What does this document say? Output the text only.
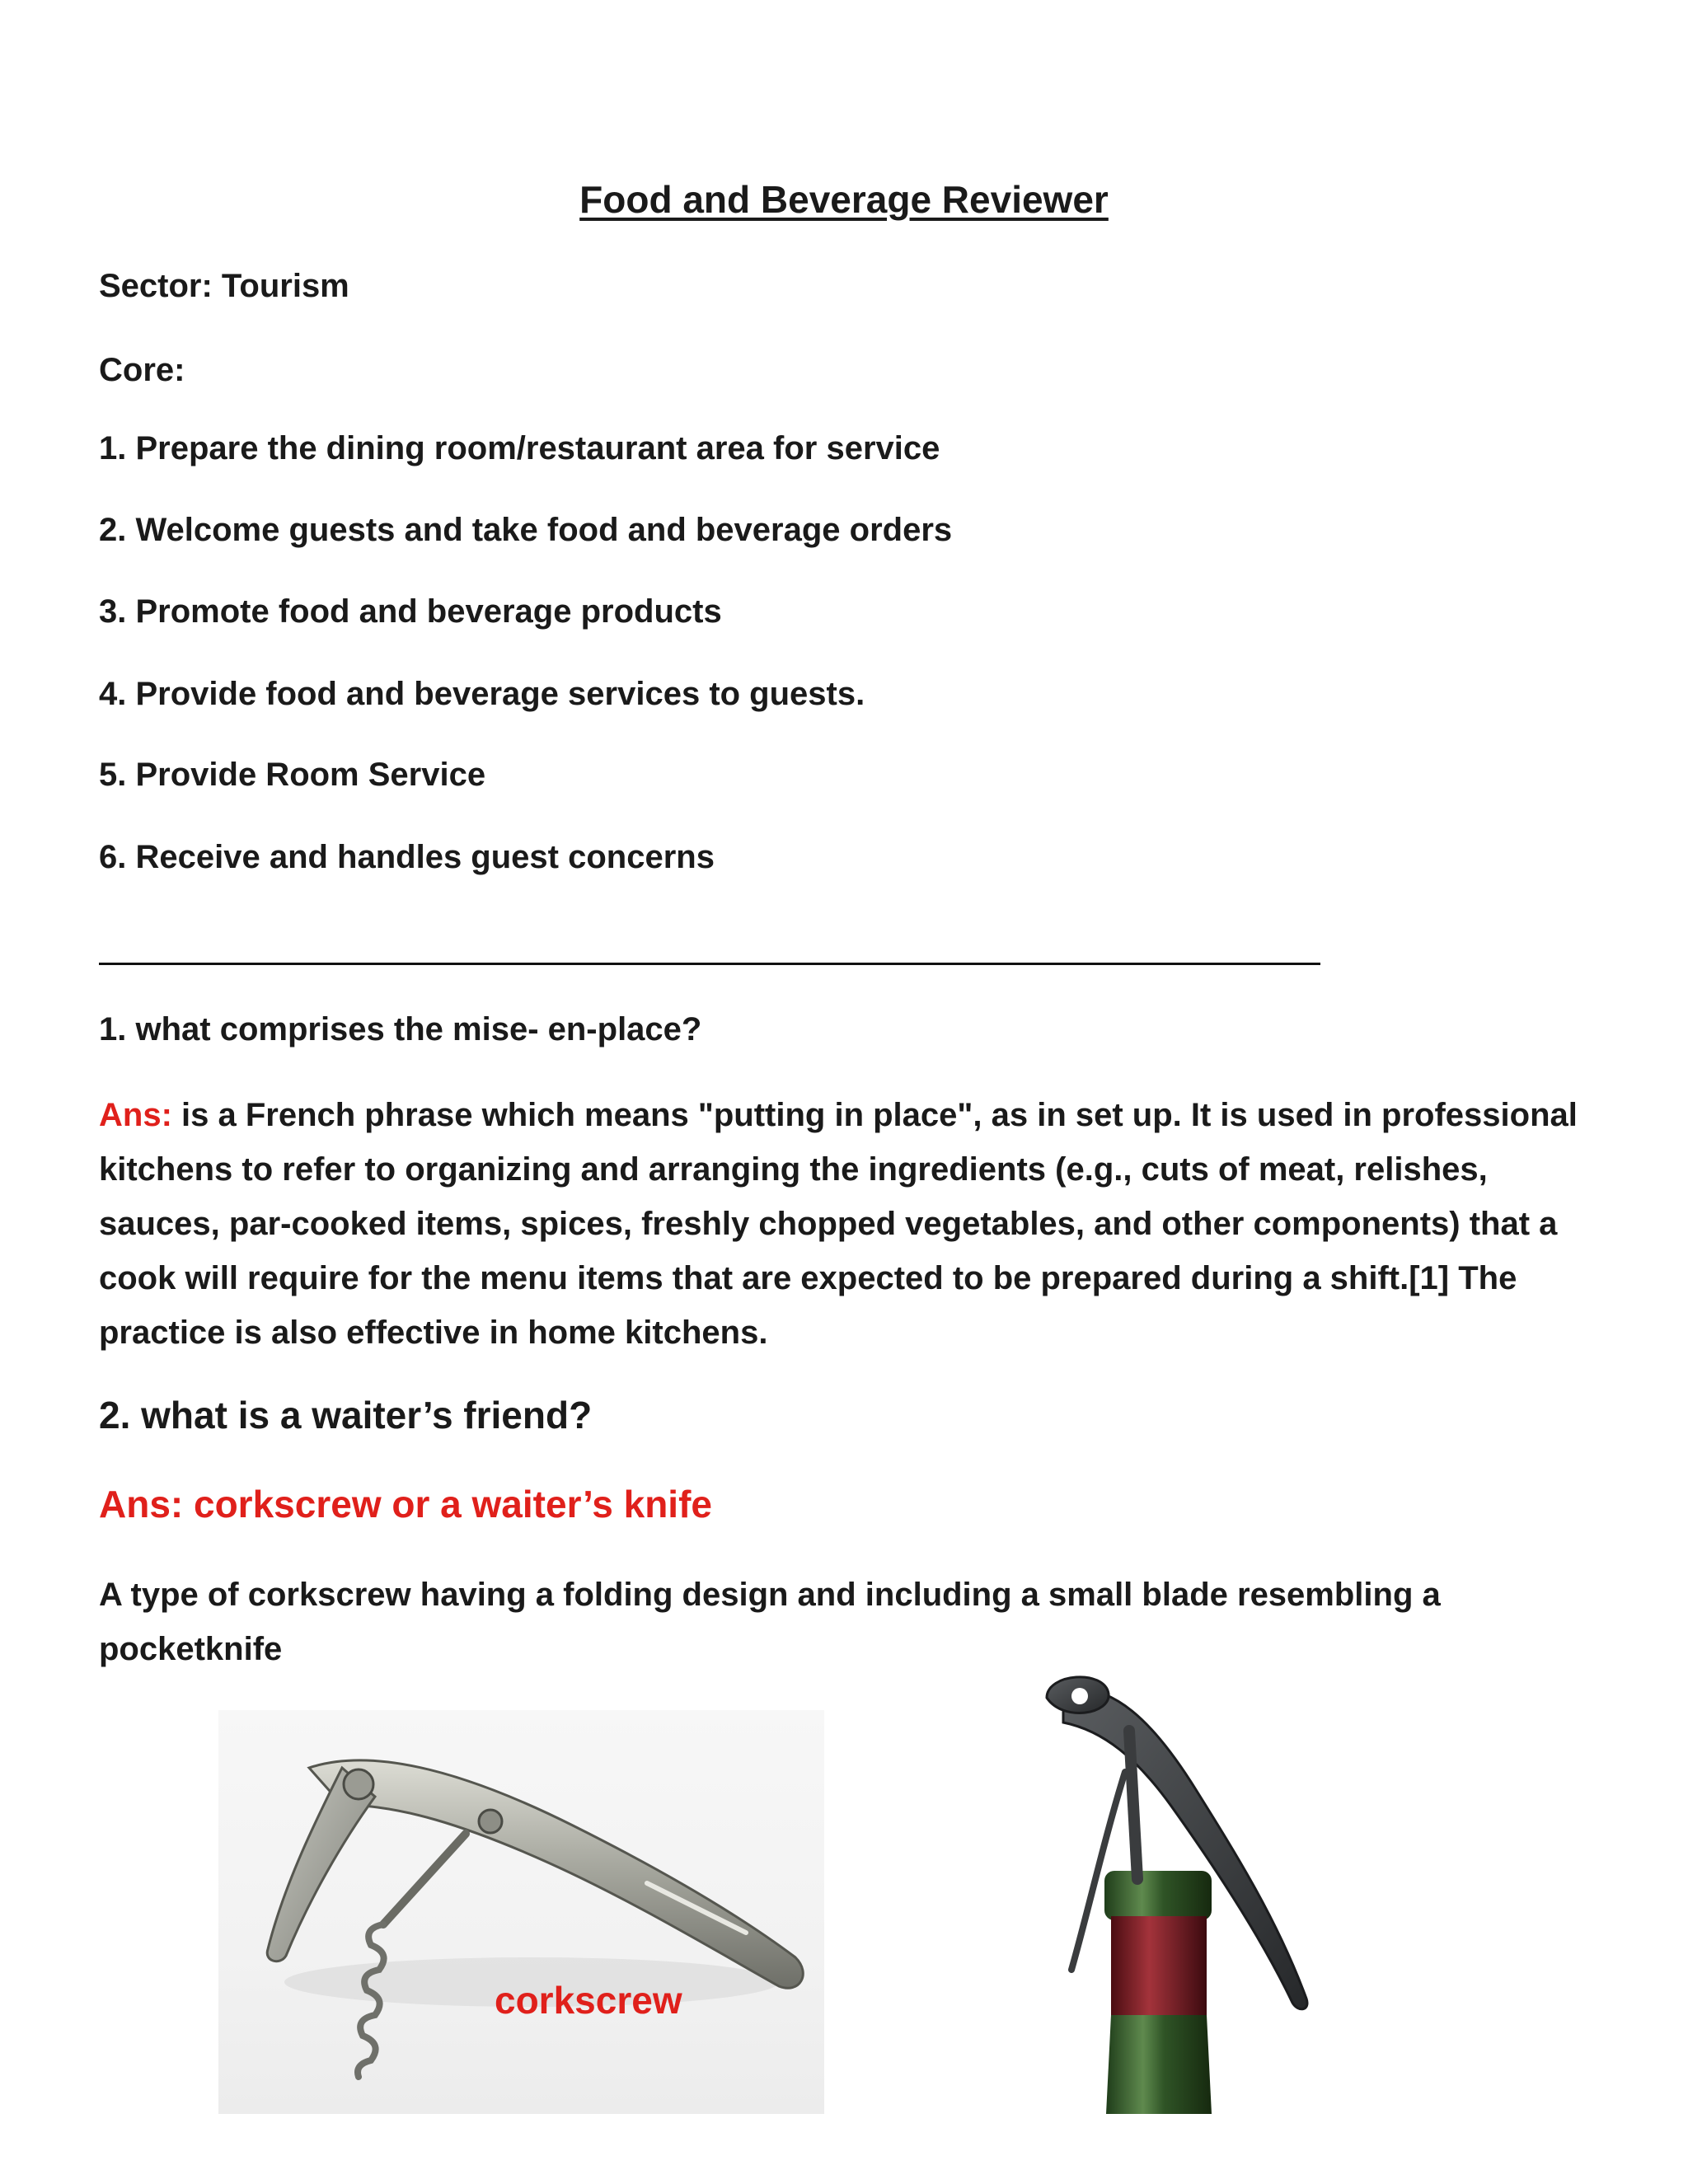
Food and Beverage Reviewer
Sector: Tourism
Core:
1. Prepare the dining room/restaurant area for service
2. Welcome guests and take food and beverage orders
3. Promote food and beverage products
4. Provide food and beverage services to guests.
5. Provide Room Service
6. Receive and handles guest concerns
1. what comprises the mise- en-place?
Ans: is a French phrase which means "putting in place", as in set up. It is used in professional kitchens to refer to organizing and arranging the ingredients (e.g., cuts of meat, relishes, sauces, par-cooked items, spices, freshly chopped vegetables, and other components) that a cook will require for the menu items that are expected to be prepared during a shift.[1] The practice is also effective in home kitchens.
2. what is a waiter’s friend?
Ans: corkscrew or a waiter’s knife
A type of corkscrew having a folding design and including a small blade resembling a pocketknife
corkscrew
